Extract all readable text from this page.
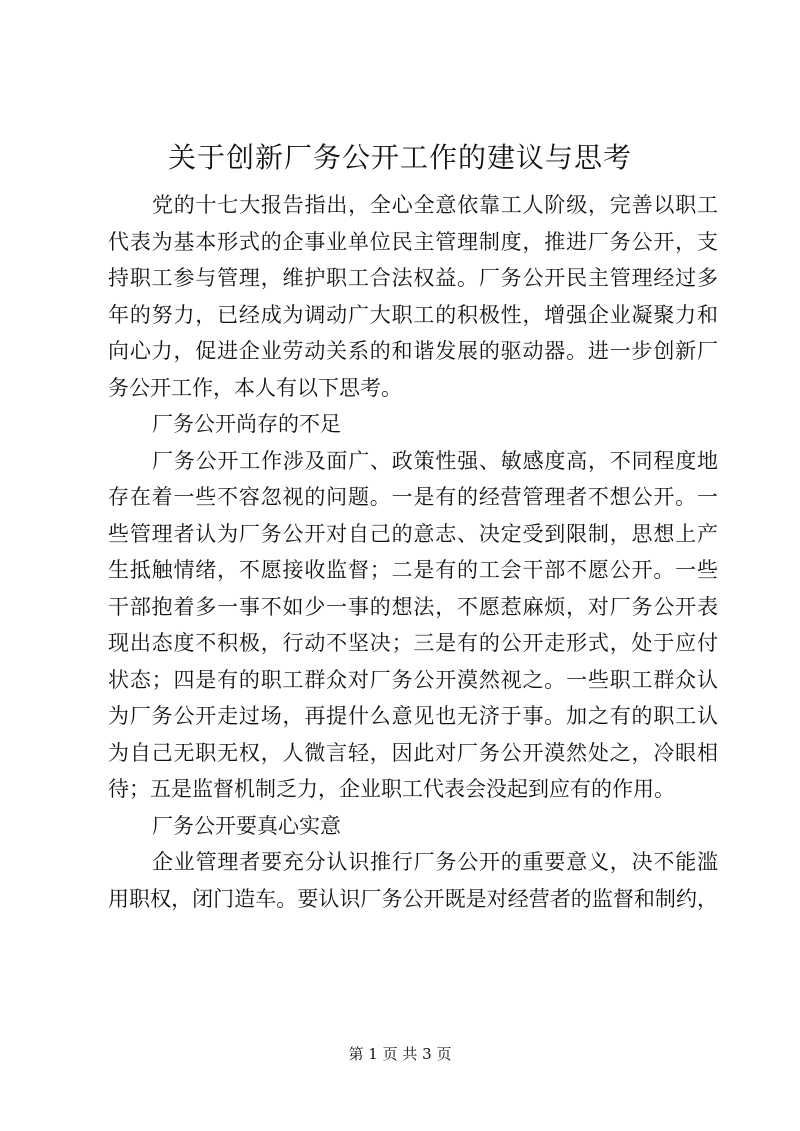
关于创新厂务公开工作的建议与思考
党的十七大报告指出，全心全意依靠工人阶级，完善以职工
代表为基本形式的企事业单位民主管理制度，推进厂务公开，支
持职工参与管理，维护职工合法权益。厂务公开民主管理经过多
年的努力，已经成为调动广大职工的积极性，增强企业凝聚力和
向心力，促进企业劳动关系的和谐发展的驱动器。进一步创新厂
务公开工作，本人有以下思考。
厂务公开尚存的不足
厂务公开工作涉及面广、政策性强、敏感度高，不同程度地
存在着一些不容忽视的问题。一是有的经营管理者不想公开。一
些管理者认为厂务公开对自己的意志、决定受到限制，思想上产
生抵触情绪，不愿接收监督；二是有的工会干部不愿公开。一些
干部抱着多一事不如少一事的想法，不愿惹麻烦，对厂务公开表
现出态度不积极，行动不坚决；三是有的公开走形式，处于应付
状态；四是有的职工群众对厂务公开漠然视之。一些职工群众认
为厂务公开走过场，再提什么意见也无济于事。加之有的职工认
为自己无职无权，人微言轻，因此对厂务公开漠然处之，冷眼相
待；五是监督机制乏力，企业职工代表会没起到应有的作用。
厂务公开要真心实意
企业管理者要充分认识推行厂务公开的重要意义，决不能滥
用职权，闭门造车。要认识厂务公开既是对经营者的监督和制约，
第 1 页 共 3 页
